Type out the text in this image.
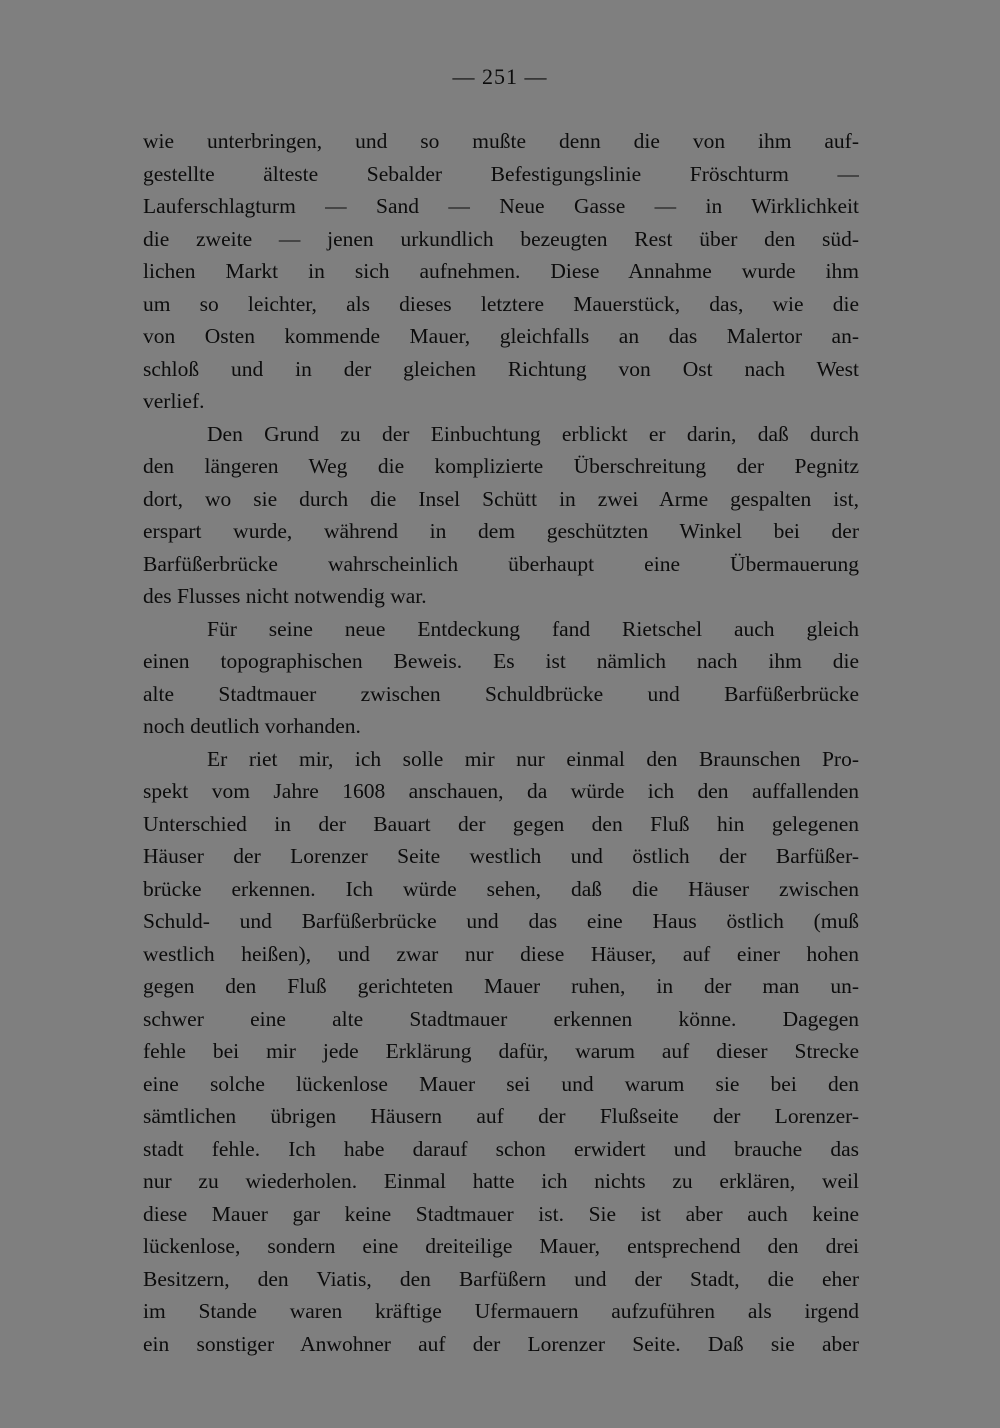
— 251 —
wie unterbringen, und so mußte denn die von ihm auf-
gestellte älteste Sebalder Befestigungslinie Fröschturm —
Lauferschlagturm — Sand — Neue Gasse — in Wirklichkeit
die zweite — jenen urkundlich bezeugten Rest über den süd-
lichen Markt in sich aufnehmen. Diese Annahme wurde ihm
um so leichter, als dieses letztere Mauerstück, das, wie die
von Osten kommende Mauer, gleichfalls an das Malertor an-
schloß und in der gleichen Richtung von Ost nach West
verlief.
Den Grund zu der Einbuchtung erblickt er darin, daß durch
den längeren Weg die komplizierte Überschreitung der Pegnitz
dort, wo sie durch die Insel Schütt in zwei Arme gespalten ist,
erspart wurde, während in dem geschützten Winkel bei der
Barfüßerbrücke wahrscheinlich überhaupt eine Übermauerung
des Flusses nicht notwendig war.
Für seine neue Entdeckung fand Rietschel auch gleich
einen topographischen Beweis. Es ist nämlich nach ihm die
alte Stadtmauer zwischen Schuldbrücke und Barfüßerbrücke
noch deutlich vorhanden.
Er riet mir, ich solle mir nur einmal den Braunschen Pro-
spekt vom Jahre 1608 anschauen, da würde ich den auffallenden
Unterschied in der Bauart der gegen den Fluß hin gelegenen
Häuser der Lorenzer Seite westlich und östlich der Barfüßer-
brücke erkennen. Ich würde sehen, daß die Häuser zwischen
Schuld- und Barfüßerbrücke und das eine Haus östlich (muß
westlich heißen), und zwar nur diese Häuser, auf einer hohen
gegen den Fluß gerichteten Mauer ruhen, in der man un-
schwer eine alte Stadtmauer erkennen könne. Dagegen
fehle bei mir jede Erklärung dafür, warum auf dieser Strecke
eine solche lückenlose Mauer sei und warum sie bei den
sämtlichen übrigen Häusern auf der Flußseite der Lorenzer-
stadt fehle. Ich habe darauf schon erwidert und brauche das
nur zu wiederholen. Einmal hatte ich nichts zu erklären, weil
diese Mauer gar keine Stadtmauer ist. Sie ist aber auch keine
lückenlose, sondern eine dreiteilige Mauer, entsprechend den drei
Besitzern, den Viatis, den Barfüßern und der Stadt, die eher
im Stande waren kräftige Ufermauern aufzuführen als irgend
ein sonstiger Anwohner auf der Lorenzer Seite. Daß sie aber
